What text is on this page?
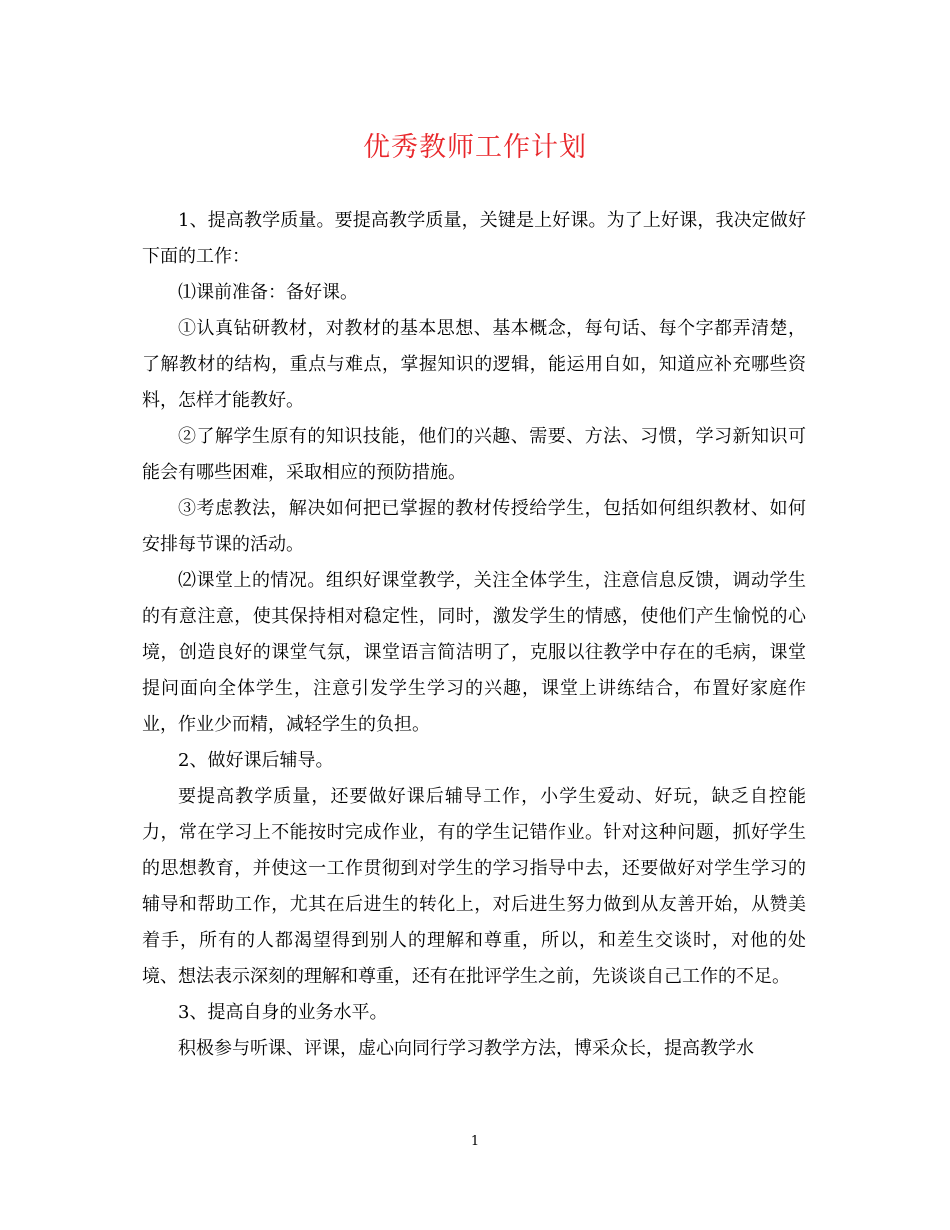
优秀教师工作计划

1、提高教学质量。要提高教学质量，关键是上好课。为了上好课，我决定做好下面的工作：

⑴课前准备：备好课。

①认真钻研教材，对教材的基本思想、基本概念，每句话、每个字都弄清楚，了解教材的结构，重点与难点，掌握知识的逻辑，能运用自如，知道应补充哪些资料，怎样才能教好。

②了解学生原有的知识技能，他们的兴趣、需要、方法、习惯，学习新知识可能会有哪些困难，采取相应的预防措施。

③考虑教法，解决如何把已掌握的教材传授给学生，包括如何组织教材、如何安排每节课的活动。

⑵课堂上的情况。组织好课堂教学，关注全体学生，注意信息反馈，调动学生的有意注意，使其保持相对稳定性，同时，激发学生的情感，使他们产生愉悦的心境，创造良好的课堂气氛，课堂语言简洁明了，克服以往教学中存在的毛病，课堂提问面向全体学生，注意引发学生学习的兴趣，课堂上讲练结合，布置好家庭作业，作业少而精，减轻学生的负担。

2、做好课后辅导。

要提高教学质量，还要做好课后辅导工作，小学生爱动、好玩，缺乏自控能力，常在学习上不能按时完成作业，有的学生记错作业。针对这种问题，抓好学生的思想教育，并使这一工作贯彻到对学生的学习指导中去，还要做好对学生学习的辅导和帮助工作，尤其在后进生的转化上，对后进生努力做到从友善开始，从赞美着手，所有的人都渴望得到别人的理解和尊重，所以，和差生交谈时，对他的处境、想法表示深刻的理解和尊重，还有在批评学生之前，先谈谈自己工作的不足。

3、提高自身的业务水平。

积极参与听课、评课，虚心向同行学习教学方法，博采众长，提高教学水

1
